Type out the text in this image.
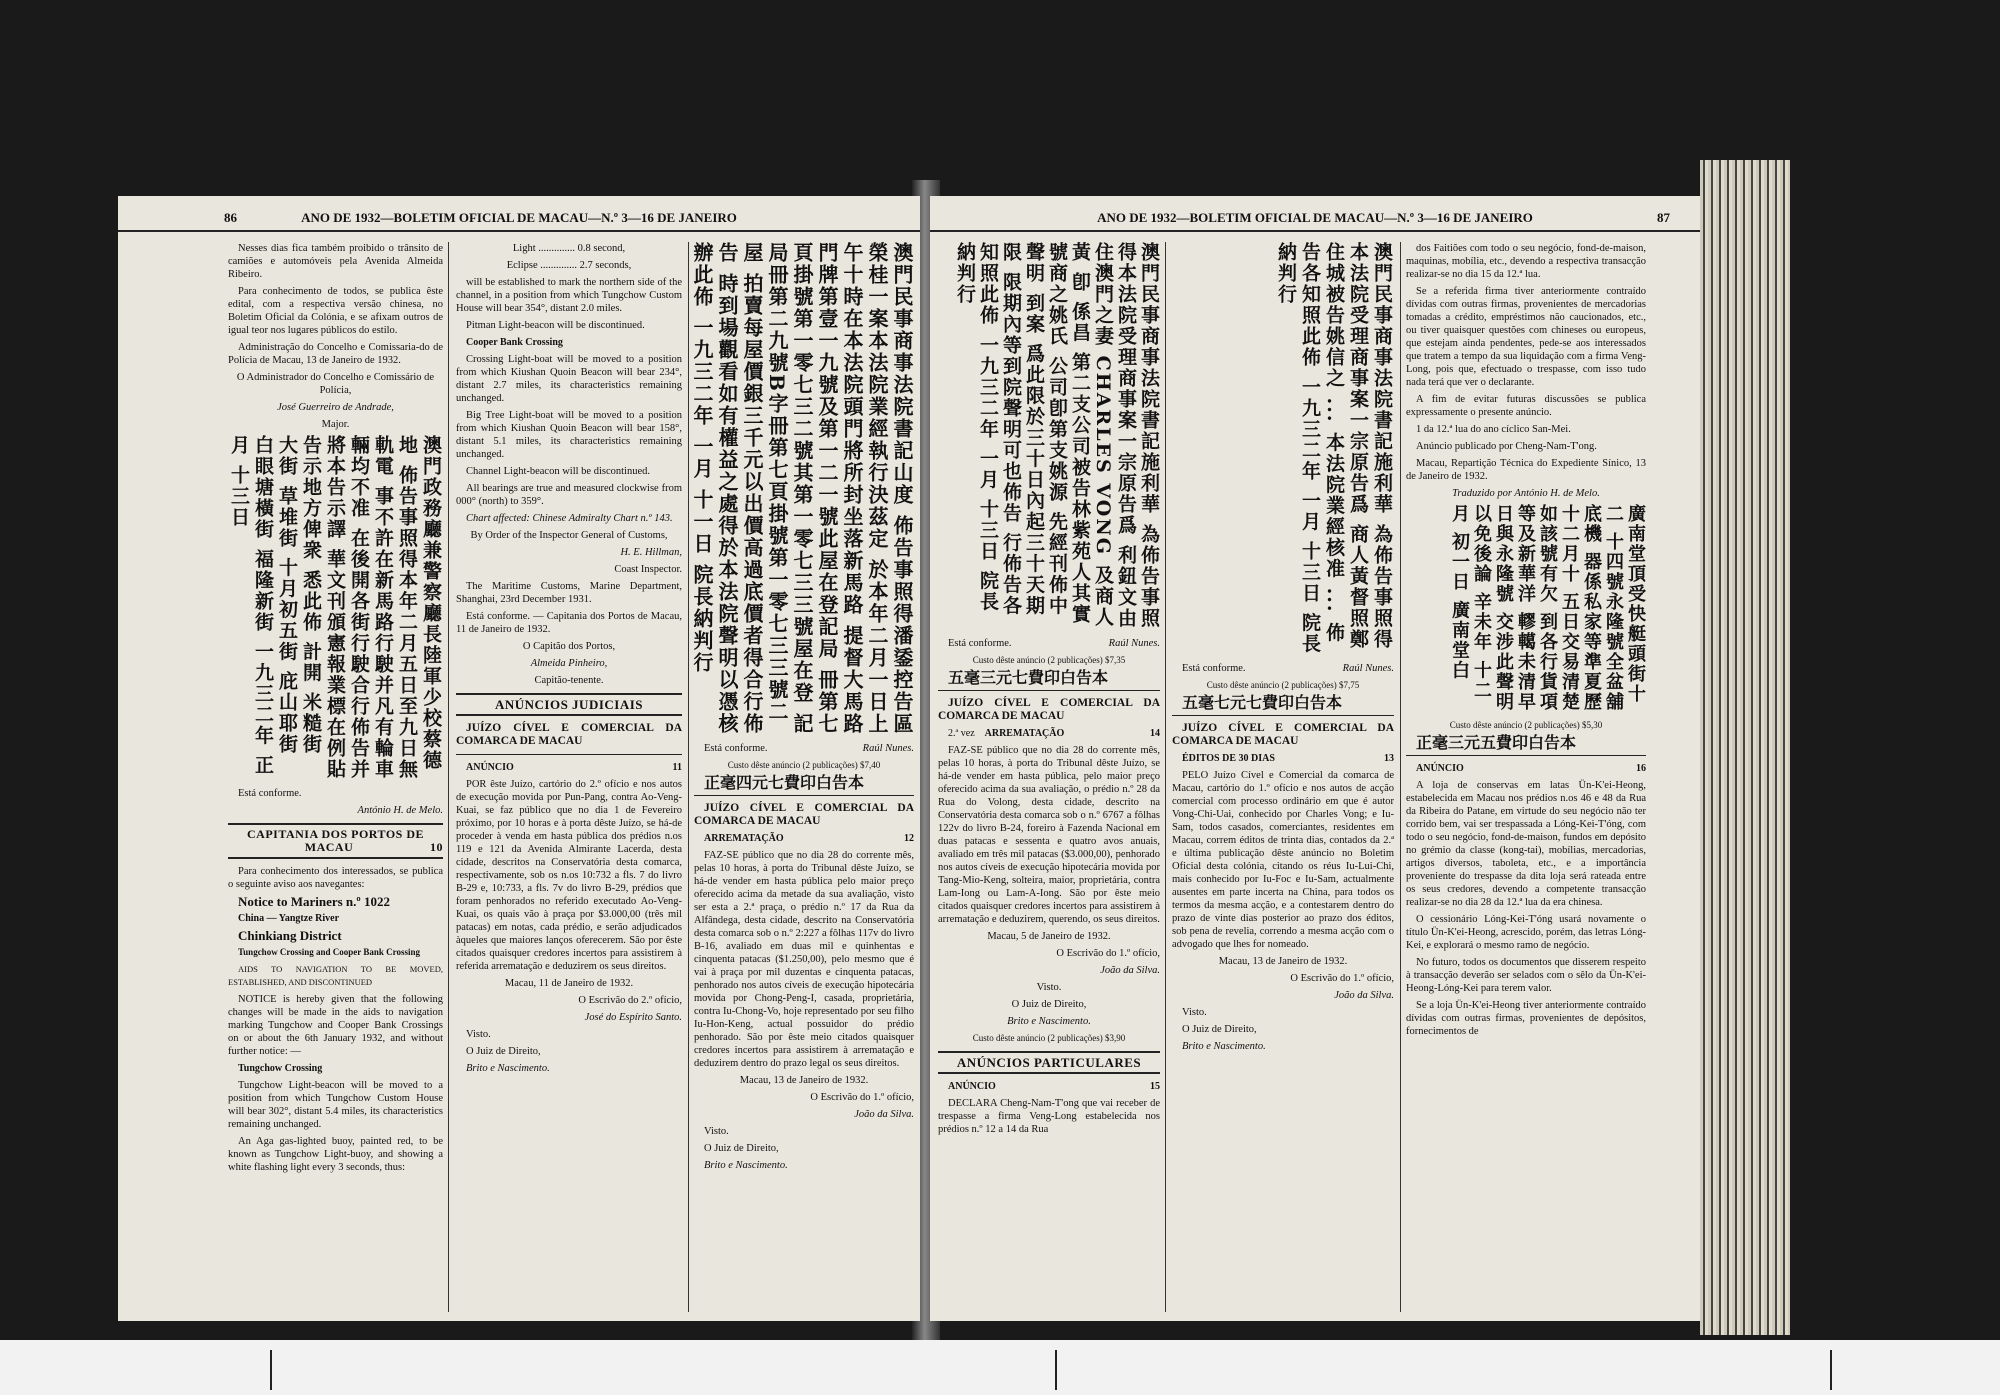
86	ANO DE 1932—BOLETIM OFICIAL DE MACAU—N.º 3—16 DE JANEIRO

Nesses dias fica também proibido o trânsito de camiões e automóveis pela Avenida Almeida Ribeiro.

Para conhecimento de todos, se publica êste edital, com a respectiva versão chinesa, no Boletim Oficial da Colónia, e se afixam outros de igual teor nos lugares públicos do estilo.

Administração do Concelho e Comissaria-do de Polícia de Macau, 13 de Janeiro de 1932.

O Administrador do Concelho e Comissário de Polícia,

José Guerreiro de Andrade,

Major.

澳門政務廳兼警察廳長陸軍少校蔡德地 佈告事照得本年二月五日至九日無軌電 事不許在新馬路行駛并凡有輪車輛均不准 在後開各街行駛合行佈告并將本告示譯 華文刊頒憲報業標在例貼告示地方俾衆 悉此佈 計開 米糙街 大街 草堆街 十月初五街 庇山耶街 白眼塘橫街 福隆新街 一九三二年 正月 十三日

Está conforme.

António H. de Melo.

CAPITANIA DOS PORTOS DE MACAU	10

Para conhecimento dos interessados, se publica o seguinte aviso aos navegantes:

Notice to Mariners n.º 1022

China — Yangtze River

Chinkiang District

Tungchow Crossing and Cooper Bank Crossing

AIDS TO NAVIGATION TO BE MOVED, ESTABLISHED, AND DISCONTINUED

NOTICE is hereby given that the following changes will be made in the aids to navigation marking Tungchow and Cooper Bank Crossings on or about the 6th January 1932, and without further notice: —

Tungchow Crossing

Tungchow Light-beacon will be moved to a position from which Tungchow Custom House will bear 302°, distant 5.4 miles, its characteristics remaining unchanged.

An Aga gas-lighted buoy, painted red, to be known as Tungchow Light-buoy, and showing a white flashing light every 3 seconds, thus:

Light .............. 0.8 second,

Eclipse .............. 2.7 seconds,

will be established to mark the northern side of the channel, in a position from which Tungchow Custom House will bear 354°, distant 2.0 miles.

Pitman Light-beacon will be discontinued.

Cooper Bank Crossing

Crossing Light-boat will be moved to a position from which Kiushan Quoin Beacon will bear 234°, distant 2.7 miles, its characteristics remaining unchanged.

Big Tree Light-boat will be moved to a position from which Kiushan Quoin Beacon will bear 158°, distant 5.1 miles, its characteristics remaining unchanged.

Channel Light-beacon will be discontinued.

All bearings are true and measured clockwise from 000° (north) to 359°.

Chart affected: Chinese Admiralty Chart n.º 143.

By Order of the Inspector General of Customs,

H. E. Hillman,

Coast Inspector.

The Maritime Customs, Marine Department, Shanghai, 23rd December 1931.

Está conforme. — Capitania dos Portos de Macau, 11 de Janeiro de 1932.

O Capitão dos Portos,

Almeida Pinheiro,

Capitão-tenente.

ANÚNCIOS JUDICIAIS

JUÍZO CÍVEL E COMERCIAL DA COMARCA DE MACAU

ANÚNCIO	11

POR êste Juízo, cartório do 2.º ofício e nos autos de execução movida por Pun-Pang, contra Ao-Veng-Kuai, se faz público que no dia 1 de Fevereiro próximo, por 10 horas e à porta dêste Juízo, se há-de proceder à venda em hasta pública dos prédios n.os 119 e 121 da Avenida Almirante Lacerda, desta cidade, descritos na Conservatória desta comarca, respectivamente, sob os n.os 10:732 a fls. 7 do livro B-29 e, 10:733, a fls. 7v do livro B-29, prédios que foram penhorados no referido executado Ao-Veng-Kuai, os quais vão à praça por $3.000,00 (três mil patacas) em notas, cada prédio, e serão adjudicados àqueles que maiores lanços oferecerem. São por êste citados quaisquer credores incertos para assistirem à referida arrematação e deduzirem os seus direitos.

Macau, 11 de Janeiro de 1932.

O Escrivão do 2.º ofício,

José do Espírito Santo.

Visto.

O Juiz de Direito,

Brito e Nascimento.

澳門民事商事法院書記山度 佈告事照得潘鋈控告區榮桂一案本法院業經執行決茲定 於本年二月一日上午十時在本法院頭門將所封坐落新馬路 提督大馬路門牌第壹一九號及第一二一號此屋在登記局 冊第七頁掛號第一零七三二號其第一零七三三號屋在登 記局冊第二九號B字冊第七頁掛號第一零七三三號二屋 拍賣每屋價銀三千元以出價高過底價者得合行佈告 時到場觀看如有權益之處得於本法院聲明以憑核辦此佈 一九三二年 一月 十一日 院長納判行

Está conforme.	Raúl Nunes.

Custo dêste anúncio (2 publicações) $7,40

正毫四元七費印白告本

JUÍZO CÍVEL E COMERCIAL DA COMARCA DE MACAU

ARREMATAÇÃO	12

FAZ-SE público que no dia 28 do corrente mês, pelas 10 horas, à porta do Tribunal dêste Juízo, se há-de vender em hasta pública pelo maior preço oferecido acima da metade da sua avaliação, visto ser esta a 2.ª praça, o prédio n.º 17 da Rua da Alfândega, desta cidade, descrito na Conservatória desta comarca sob o n.º 2:227 a fôlhas 117v do livro B-16, avaliado em duas mil e quinhentas e cinquenta patacas ($1.250,00), pelo mesmo que é vai à praça por mil duzentas e cinquenta patacas, penhorado nos autos cíveis de execução hipotecária movida por Chong-Peng-I, casada, proprietária, contra Iu-Chong-Vo, hoje representado por seu filho Iu-Hon-Keng, actual possuidor do prédio penhorado. São por êste meio citados quaisquer credores incertos para assistirem à arrematação e deduzirem dentro do prazo legal os seus direitos.

Macau, 13 de Janeiro de 1932.

O Escrivão do 1.º ofício,

João da Silva.

Visto.

O Juiz de Direito,

Brito e Nascimento.

ANO DE 1932—BOLETIM OFICIAL DE MACAU—N.º 3—16 DE JANEIRO	87
澳門民事商事法院書記施利華 為佈告事照得本法院受理商事案一宗原告爲 利鈕文由住澳門之妻 CHARLES VONG 及商人黃 卽 係昌 第二支公司被告林紫苑人其實號商之姚氏 公司卽第支姚源 先經刊佈中聲明 到案 爲此限於三十日內起三十天期限 限期內等到院聲明可也佈告 行佈告各 知照此佈 一九三二年 一月 十三日 院長納判行

Está conforme.	Raúl Nunes.

Custo dêste anúncio (2 publicações) $7,35

五毫三元七費印白告本

JUÍZO CÍVEL E COMERCIAL DA COMARCA DE MACAU

2.ª vez ARREMATAÇÃO	14

FAZ-SE público que no dia 28 do corrente mês, pelas 10 horas, à porta do Tribunal dêste Juízo, se há-de vender em hasta pública, pelo maior preço oferecido acima da sua avaliação, o prédio n.º 28 da Rua do Volong, desta cidade, descrito na Conservatória desta comarca sob o n.º 6767 a fôlhas 122v do livro B-24, foreiro à Fazenda Nacional em duas patacas e sessenta e quatro avos anuais, avaliado em três mil patacas ($3.000,00), penhorado nos autos cíveis de execução hipotecária movida por Tang-Mio-Keng, solteira, maior, proprietária, contra Lam-Iong ou Lam-A-Iong. São por êste meio citados quaisquer credores incertos para assistirem à arrematação e deduzirem, querendo, os seus direitos.

Macau, 5 de Janeiro de 1932.

O Escrivão do 1.º ofício,

João da Silva.

Visto.

O Juiz de Direito,

Brito e Nascimento.

Custo dêste anúncio (2 publicações) $3,90

ANÚNCIOS PARTICULARES

ANÚNCIO	15

DECLARA Cheng-Nam-T'ong que vai receber de trespasse a firma Veng-Long estabelecida nos prédios n.º 12 a 14 da Rua

澳門民事商事法院書記施利華 為佈告事照得本法院受理商事案一宗原告爲 商人黃督照鄭住城被告姚信之 ... 本法院業經核准 ... 佈告各知照此佈 一九三二年 一月 十三日 院長納判行

Está conforme.	Raúl Nunes.

Custo dêste anúncio (2 publicações) $7,75

五毫七元七費印白告本

JUÍZO CÍVEL E COMERCIAL DA COMARCA DE MACAU

ÉDITOS DE 30 DIAS	13

PELO Juízo Cível e Comercial da comarca de Macau, cartório do 1.º ofício e nos autos de acção comercial com processo ordinário em que é autor Vong-Chi-Uai, conhecido por Charles Vong; e Iu-Sam, todos casados, comerciantes, residentes em Macau, correm éditos de trinta dias, contados da 2.ª e última publicação dêste anúncio no Boletim Oficial desta colónia, citando os réus Iu-Lui-Chi, mais conhecido por Iu-Foc e Iu-Sam, actualmente ausentes em parte incerta na China, para todos os termos da mesma acção, e a contestarem dentro do prazo de vinte dias posterior ao prazo dos éditos, sob pena de revelia, correndo a mesma acção com o advogado que lhes for nomeado.

Macau, 13 de Janeiro de 1932.

O Escrivão do 1.º ofício,

João da Silva.

Visto.

O Juiz de Direito,

Brito e Nascimento.

dos Faitiões com todo o seu negócio, fond-de-maison, maquinas, mobília, etc., devendo a respectiva transacção realizar-se no dia 15 da 12.ª lua.

Se a referida firma tiver anteriormente contraído dívidas com outras firmas, provenientes de mercadorias tomadas a crédito, empréstimos não caucionados, etc., ou tiver quaisquer questões com chineses ou europeus, que estejam ainda pendentes, pede-se aos interessados que tratem a tempo da sua liquidação com a firma Veng-Long, pois que, efectuado o trespasse, com isso tudo nada terá que ver o declarante.

A fim de evitar futuras discussões se publica expressamente o presente anúncio.

1 da 12.ª lua do ano cíclico San-Mei.

Anúncio publicado por Cheng-Nam-T'ong.

Macau, Repartição Técnica do Expediente Sínico, 13 de Janeiro de 1932.

Traduzido por António H. de Melo.

廣南堂頂受快艇頭街十二 十四號永隆號全盆舖底機 器係私家等準夏歷十二月十 五日交易清楚如該號有欠 到各行貨項等及新華洋 轇轕未清早日與永隆號 交涉此聲明以免後論 辛未年 十二月 初一日 廣南堂白

Custo dêste anúncio (2 publicações) $5,30

正毫三元五費印白告本

ANÚNCIO	16

A loja de conservas em latas Ün-K'ei-Heong, estabelecida em Macau nos prédios n.os 46 e 48 da Rua da Ribeira do Patane, em virtude do seu negócio não ter corrido bem, vai ser trespassada a Lóng-Kei-T'óng, com todo o seu negócio, fond-de-maison, fundos em depósito no grémio da classe (kong-tai), mobílias, mercadorias, artigos diversos, taboleta, etc., e a importância proveniente do trespasse da dita loja será rateada entre os seus credores, devendo a competente transacção realizar-se no dia 28 da 12.ª lua da era chinesa.

O cessionário Lóng-Kei-T'óng usará novamente o título Ün-K'ei-Heong, acrescido, porém, das letras Lóng-Kei, e explorará o mesmo ramo de negócio.

No futuro, todos os documentos que disserem respeito à transacção deverão ser selados com o sêlo da Ün-K'ei-Heong-Lóng-Kei para terem valor.

Se a loja Ün-K'ei-Heong tiver anteriormente contraído dívidas com outras firmas, provenientes de depósitos, fornecimentos de
